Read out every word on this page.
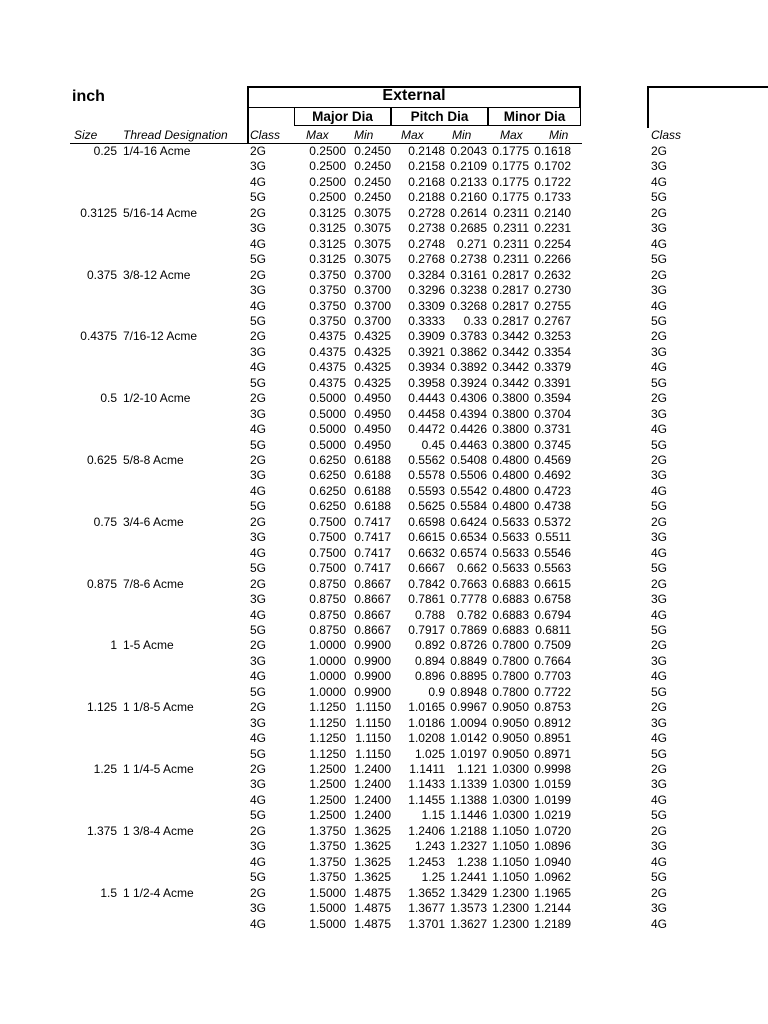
inch	External
Major Dia	Pitch Dia	Minor Dia
Size Thread Designation Class Max Min Max Min Max Min	Class
0.25 1/4-16 Acme	2G	0.2500 0.2450 0.2148 0.2043 0.1775 0.1618	2G
3G	0.2500 0.2450 0.2158 0.2109 0.1775 0.1702	3G
4G	0.2500 0.2450 0.2168 0.2133 0.1775 0.1722	4G
5G	0.2500 0.2450 0.2188 0.2160 0.1775 0.1733	5G
0.3125 5/16-14 Acme	2G	0.3125 0.3075 0.2728 0.2614 0.2311 0.2140	2G
3G	0.3125 0.3075 0.2738 0.2685 0.2311 0.2231	3G
4G	0.3125 0.3075 0.2748 0.271 0.2311 0.2254	4G
5G	0.3125 0.3075 0.2768 0.2738 0.2311 0.2266	5G
0.375 3/8-12 Acme	2G	0.3750 0.3700 0.3284 0.3161 0.2817 0.2632	2G
3G	0.3750 0.3700 0.3296 0.3238 0.2817 0.2730	3G
4G	0.3750 0.3700 0.3309 0.3268 0.2817 0.2755	4G
5G	0.3750 0.3700 0.3333 0.33 0.2817 0.2767	5G
0.4375 7/16-12 Acme	2G	0.4375 0.4325 0.3909 0.3783 0.3442 0.3253	2G
3G	0.4375 0.4325 0.3921 0.3862 0.3442 0.3354	3G
4G	0.4375 0.4325 0.3934 0.3892 0.3442 0.3379	4G
5G	0.4375 0.4325 0.3958 0.3924 0.3442 0.3391	5G
0.5 1/2-10 Acme	2G	0.5000 0.4950 0.4443 0.4306 0.3800 0.3594	2G
3G	0.5000 0.4950 0.4458 0.4394 0.3800 0.3704	3G
4G	0.5000 0.4950 0.4472 0.4426 0.3800 0.3731	4G
5G	0.5000 0.4950	0.45 0.4463 0.3800 0.3745	5G
0.625 5/8-8 Acme	2G	0.6250 0.6188 0.5562 0.5408 0.4800 0.4569	2G
3G	0.6250 0.6188 0.5578 0.5506 0.4800 0.4692	3G
4G	0.6250 0.6188 0.5593 0.5542 0.4800 0.4723	4G
5G	0.6250 0.6188 0.5625 0.5584 0.4800 0.4738	5G
0.75 3/4-6 Acme	2G	0.7500 0.7417 0.6598 0.6424 0.5633 0.5372	2G
3G	0.7500 0.7417 0.6615 0.6534 0.5633 0.5511	3G
4G	0.7500 0.7417 0.6632 0.6574 0.5633 0.5546	4G
5G	0.7500 0.7417 0.6667 0.662 0.5633 0.5563	5G
0.875 7/8-6 Acme	2G	0.8750 0.8667 0.7842 0.7663 0.6883 0.6615	2G
3G	0.8750 0.8667 0.7861 0.7778 0.6883 0.6758	3G
4G	0.8750 0.8667 0.788 0.782 0.6883 0.6794	4G
5G	0.8750 0.8667 0.7917 0.7869 0.6883 0.6811	5G
1 1-5 Acme	2G	1.0000 0.9900 0.892 0.8726 0.7800 0.7509	2G
3G	1.0000 0.9900 0.894 0.8849 0.7800 0.7664	3G
4G	1.0000 0.9900 0.896 0.8895 0.7800 0.7703	4G
5G	1.0000 0.9900	0.9 0.8948 0.7800 0.7722	5G
1.125 1 1/8-5 Acme	2G	1.1250 1.1150 1.0165 0.9967 0.9050 0.8753	2G
3G	1.1250 1.1150 1.0186 1.0094 0.9050 0.8912	3G
4G	1.1250 1.1150 1.0208 1.0142 0.9050 0.8951	4G
5G	1.1250 1.1150 1.025 1.0197 0.9050 0.8971	5G
1.25 1 1/4-5 Acme	2G	1.2500 1.2400 1.1411 1.121 1.0300 0.9998	2G
3G	1.2500 1.2400 1.1433 1.1339 1.0300 1.0159	3G
4G	1.2500 1.2400 1.1455 1.1388 1.0300 1.0199	4G
5G	1.2500 1.2400	1.15 1.1446 1.0300 1.0219	5G
1.375 1 3/8-4 Acme	2G	1.3750 1.3625 1.2406 1.2188 1.1050 1.0720	2G
3G	1.3750 1.3625 1.243 1.2327 1.1050 1.0896	3G
4G	1.3750 1.3625 1.2453 1.238 1.1050 1.0940	4G
5G	1.3750 1.3625	1.25 1.2441 1.1050 1.0962	5G
1.5 1 1/2-4 Acme	2G	1.5000 1.4875 1.3652 1.3429 1.2300 1.1965	2G
3G	1.5000 1.4875 1.3677 1.3573 1.2300 1.2144	3G
4G	1.5000 1.4875 1.3701 1.3627 1.2300 1.2189	4G
